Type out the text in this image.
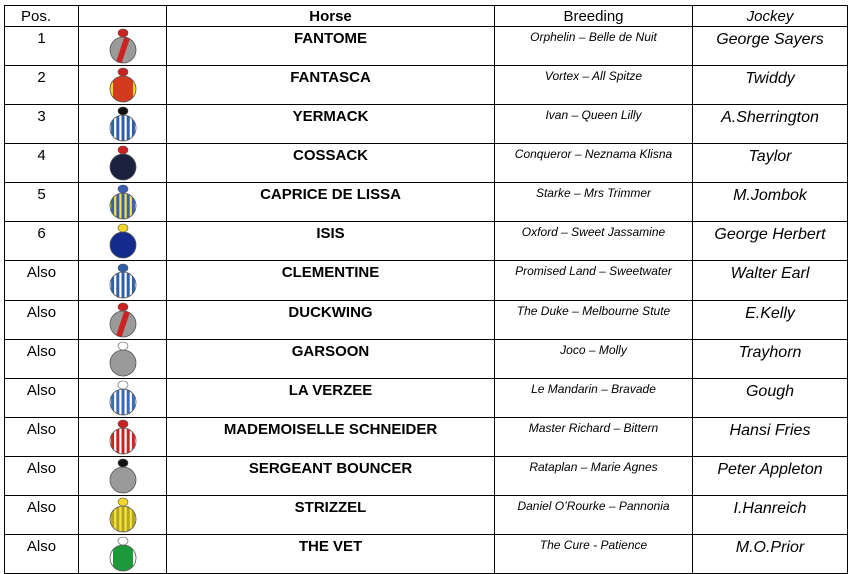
Pos.		Horse	Breeding	Jockey
1		FANTOME	Orphelin – Belle de Nuit	George Sayers
2		FANTASCA	Vortex – All Spitze	Twiddy
3		YERMACK	Ivan – Queen Lilly	A.Sherrington
4		COSSACK	Conqueror – Neznama Klisna	Taylor
5		CAPRICE DE LISSA	Starke – Mrs Trimmer	M.Jombok
6		ISIS	Oxford – Sweet Jassamine	George Herbert
Also		CLEMENTINE	Promised Land – Sweetwater	Walter Earl
Also		DUCKWING	The Duke – Melbourne Stute	E.Kelly
Also		GARSOON	Joco – Molly	Trayhorn
Also		LA VERZEE	Le Mandarin – Bravade	Gough
Also		MADEMOISELLE SCHNEIDER	Master Richard – Bittern	Hansi Fries
Also		SERGEANT BOUNCER	Rataplan – Marie Agnes	Peter Appleton
Also		STRIZZEL	Daniel O’Rourke – Pannonia	I.Hanreich
Also		THE VET	The Cure - Patience	M.O.Prior
